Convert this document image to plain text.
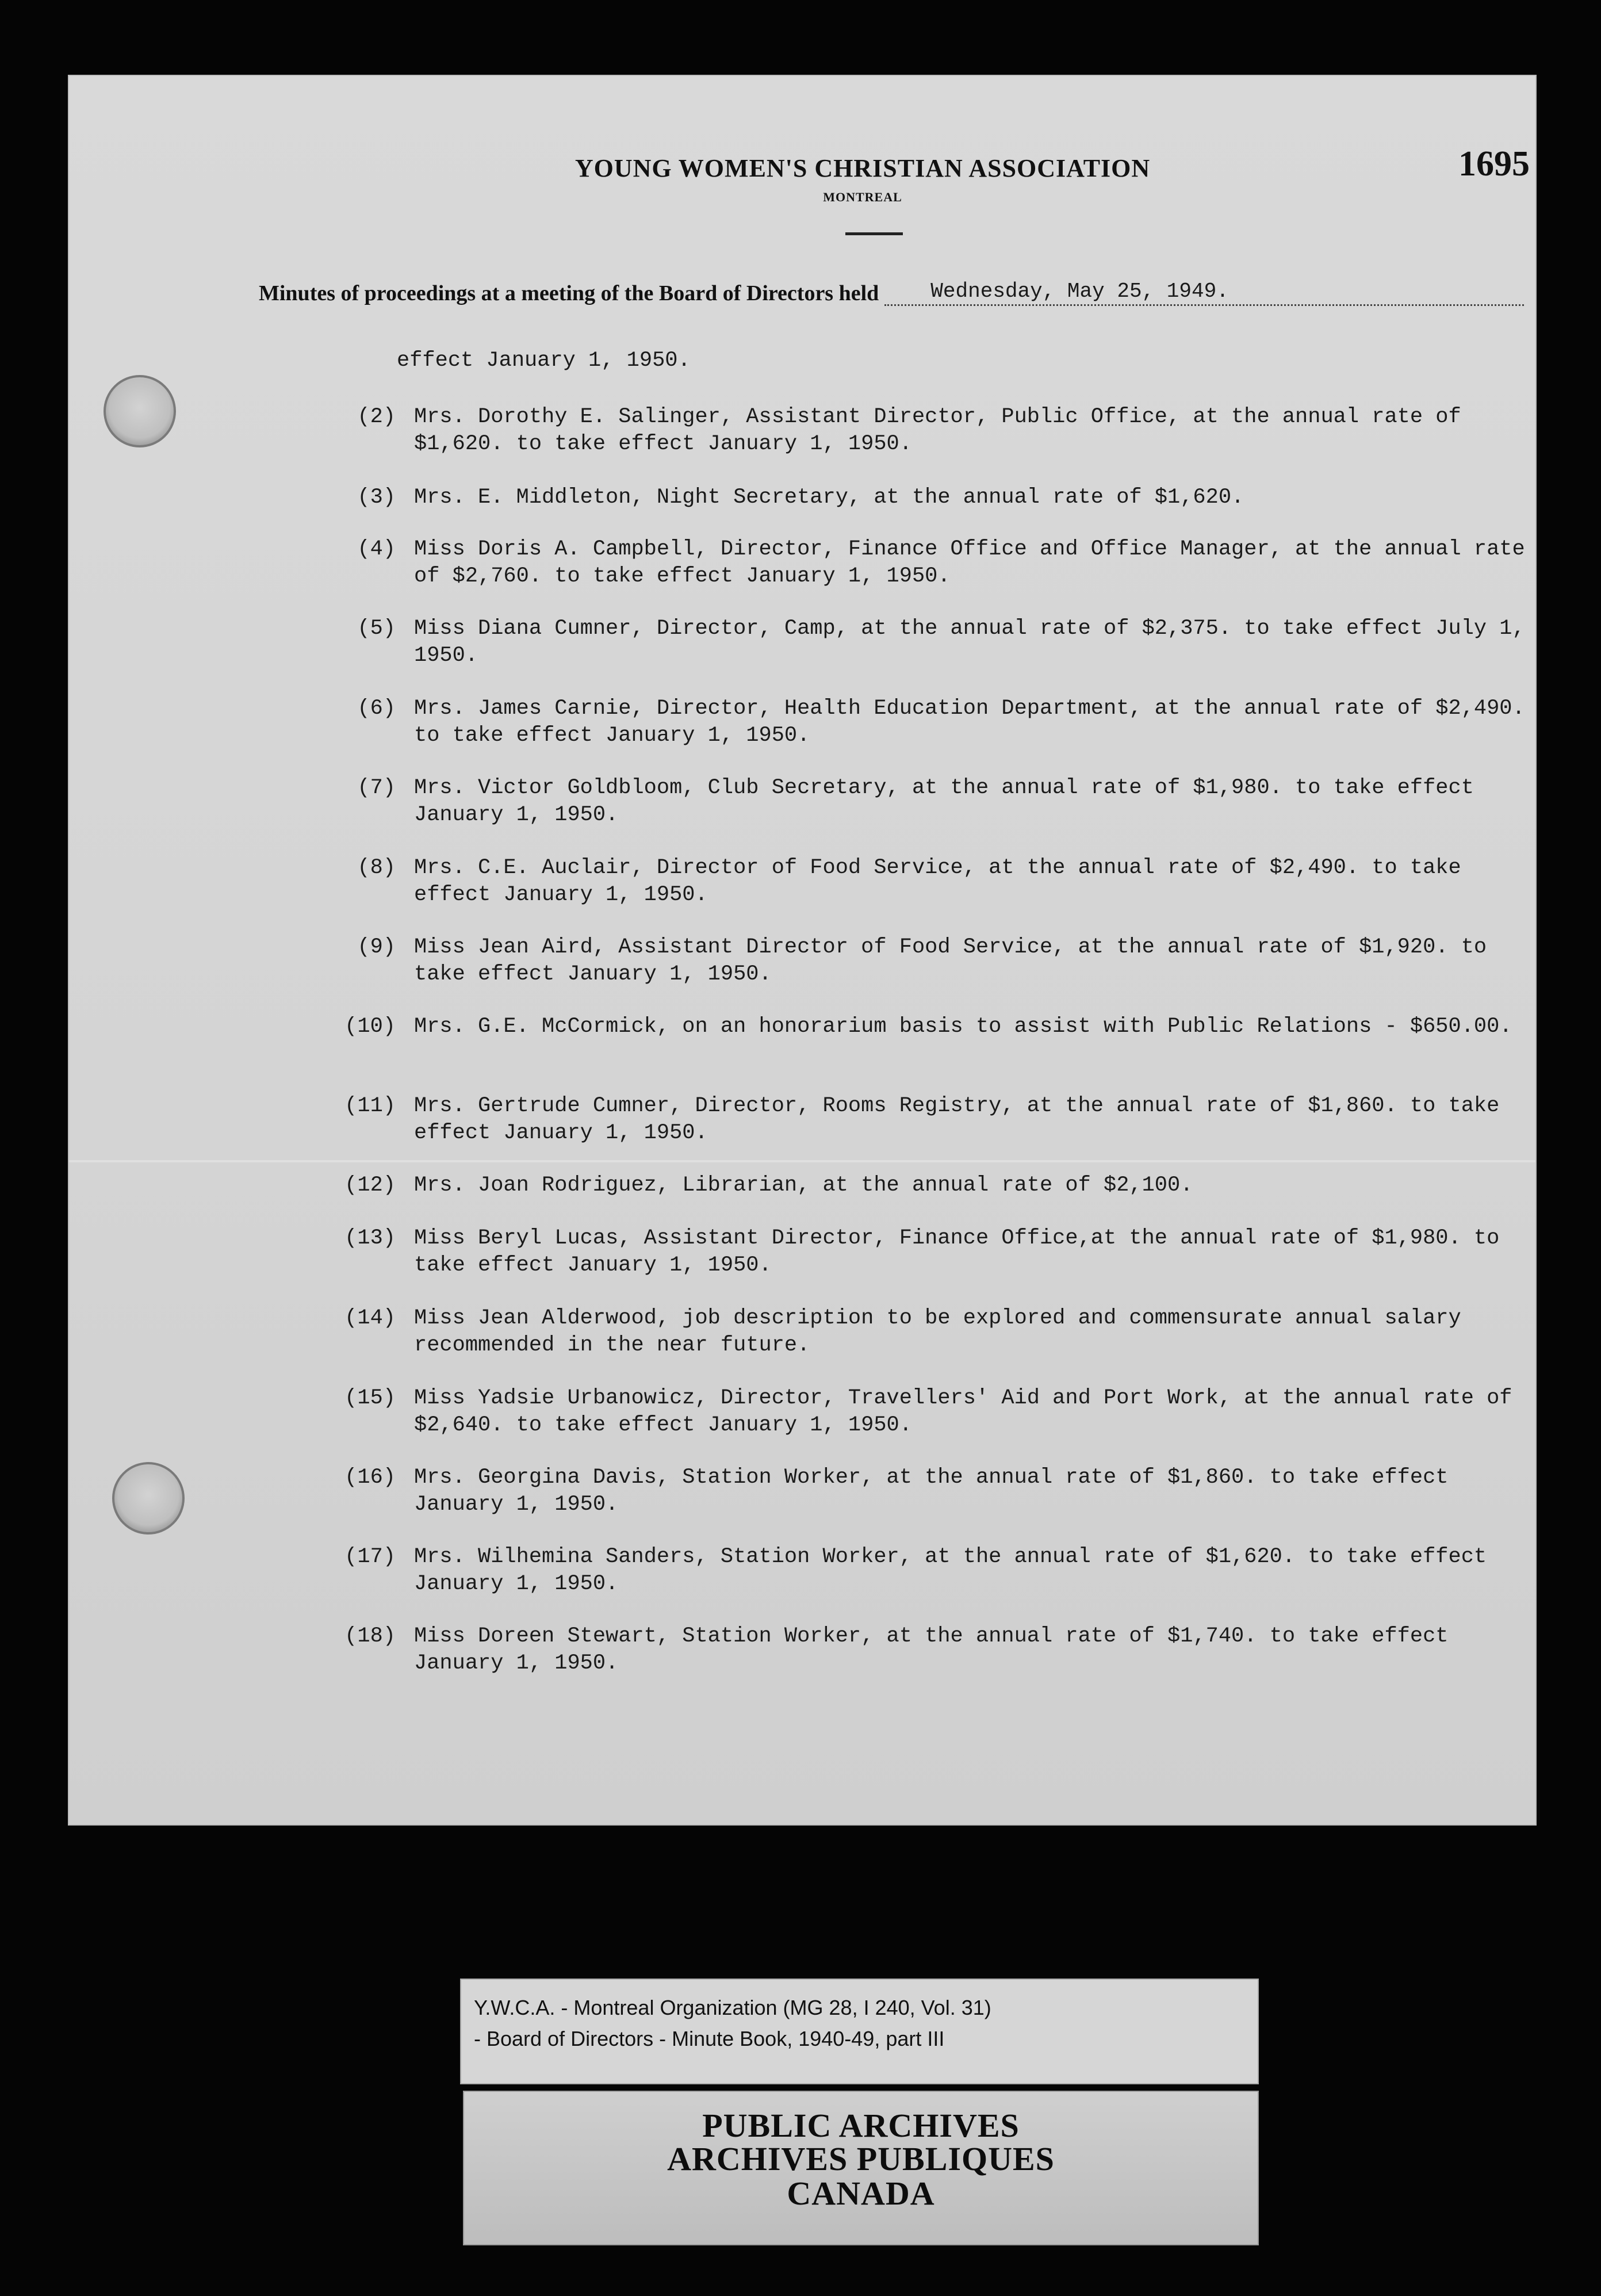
YOUNG WOMEN'S CHRISTIAN ASSOCIATION
MONTREAL
1695
Minutes of proceedings at a meeting of the Board of Directors held	Wednesday, May 25, 1949.
effect January 1, 1950.
(2) Mrs. Dorothy E. Salinger, Assistant Director, Public Office, at the annual rate of $1,620. to take effect January 1, 1950.
(3) Mrs. E. Middleton, Night Secretary, at the annual rate of $1,620.
(4) Miss Doris A. Campbell, Director, Finance Office and Office Manager, at the annual rate of $2,760. to take effect January 1, 1950.
(5) Miss Diana Cumner, Director, Camp, at the annual rate of $2,375. to take effect July 1, 1950.
(6) Mrs. James Carnie, Director, Health Education Department, at the annual rate of $2,490. to take effect January 1, 1950.
(7) Mrs. Victor Goldbloom, Club Secretary, at the annual rate of $1,980. to take effect January 1, 1950.
(8) Mrs. C.E. Auclair, Director of Food Service, at the annual rate of $2,490. to take effect January 1, 1950.
(9) Miss Jean Aird, Assistant Director of Food Service, at the annual rate of $1,920. to take effect January 1, 1950.
(10) Mrs. G.E. McCormick, on an honorarium basis to assist with Public Relations - $650.00.
(11) Mrs. Gertrude Cumner, Director, Rooms Registry, at the annual rate of $1,860. to take effect January 1, 1950.
(12) Mrs. Joan Rodriguez, Librarian, at the annual rate of $2,100.
(13) Miss Beryl Lucas, Assistant Director, Finance Office,at the annual rate of $1,980. to take effect January 1, 1950.
(14) Miss Jean Alderwood, job description to be explored and commensurate annual salary recommended in the near future.
(15) Miss Yadsie Urbanowicz, Director, Travellers' Aid and Port Work, at the annual rate of $2,640. to take effect January 1, 1950.
(16) Mrs. Georgina Davis, Station Worker, at the annual rate of $1,860. to take effect January 1, 1950.
(17) Mrs. Wilhemina Sanders, Station Worker, at the annual rate of $1,620. to take effect January 1, 1950.
(18) Miss Doreen Stewart, Station Worker, at the annual rate of $1,740. to take effect January 1, 1950.
Y.W.C.A. - Montreal Organization (MG 28, I 240, Vol. 31)
- Board of Directors - Minute Book, 1940-49, part III
PUBLIC ARCHIVES
ARCHIVES PUBLIQUES
CANADA
